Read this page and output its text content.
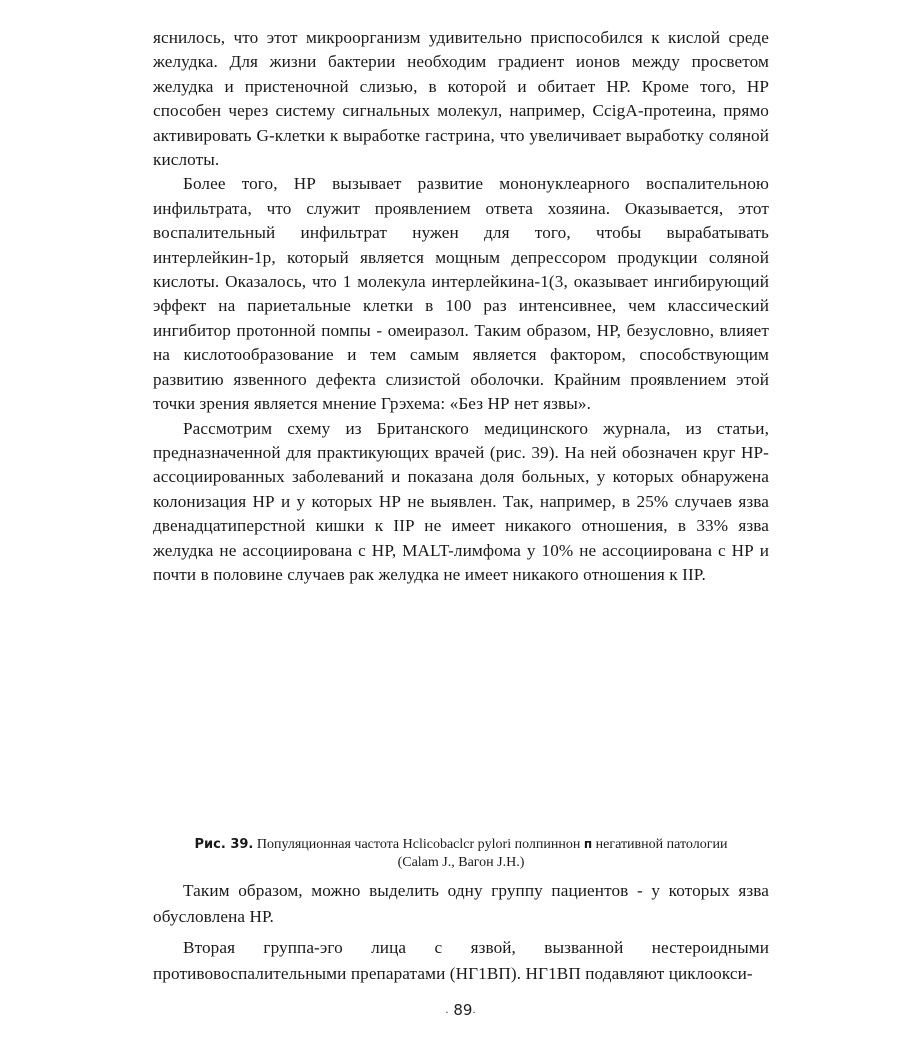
яснилось, что этот микроорганизм удивительно приспособился к кислой среде желудка. Для жизни бактерии необходим градиент ионов между просветом желудка и пристеночной слизью, в которой и обитает НР. Кроме того, НР способен через систему сигнальных молекул, например, CcigA-протеина, прямо активировать G-клетки к выработке гастрина, что увеличивает выработку соляной кислоты.

Более того, НР вызывает развитие мононуклеарного воспалительною инфильтрата, что служит проявлением ответа хозяина. Оказывается, этот воспалительный инфильтрат нужен для того, чтобы вырабатывать интерлейкин-1р, который является мощным депрессором продукции соляной кислоты. Оказалось, что 1 молекула интерлейкина-1(3, оказывает ингибирующий эффект на париетальные клетки в 100 раз интенсивнее, чем классический ингибитор протонной помпы - омеиразол. Таким образом, НР, безусловно, влияет на кислотообразование и тем самым является фактором, способствующим развитию язвенного дефекта слизистой оболочки. Крайним проявлением этой точки зрения является мнение Грэхема: «Без НР нет язвы».

Рассмотрим схему из Британского медицинского журнала, из статьи, предназначенной для практикующих врачей (рис. 39). На ней обозначен круг НР-ассоциированных заболеваний и показана доля больных, у которых обнаружена колонизация НР и у которых НР не выявлен. Так, например, в 25% случаев язва двенадцатиперстной кишки к IIP не имеет никакого отношения, в 33% язва желудка не ассоциирована с НР, MALT-лимфома у 10% не ассоциирована с НР и почти в половине случаев рак желудка не имеет никакого отношения к IIP.

Рис. 39. Популяционная частота Hclicobaclcr pylori полпиннон п негативной патологии
(Calam J., Вагон J.H.)

Таким образом, можно выделить одну группу пациентов - у которых язва обусловлена НР.

Вторая группа-эго лица с язвой, вызванной нестероидными противовоспалительными препаратами (НГ1ВП). НГ1ВП подавляют циклоокси-

. 89.
